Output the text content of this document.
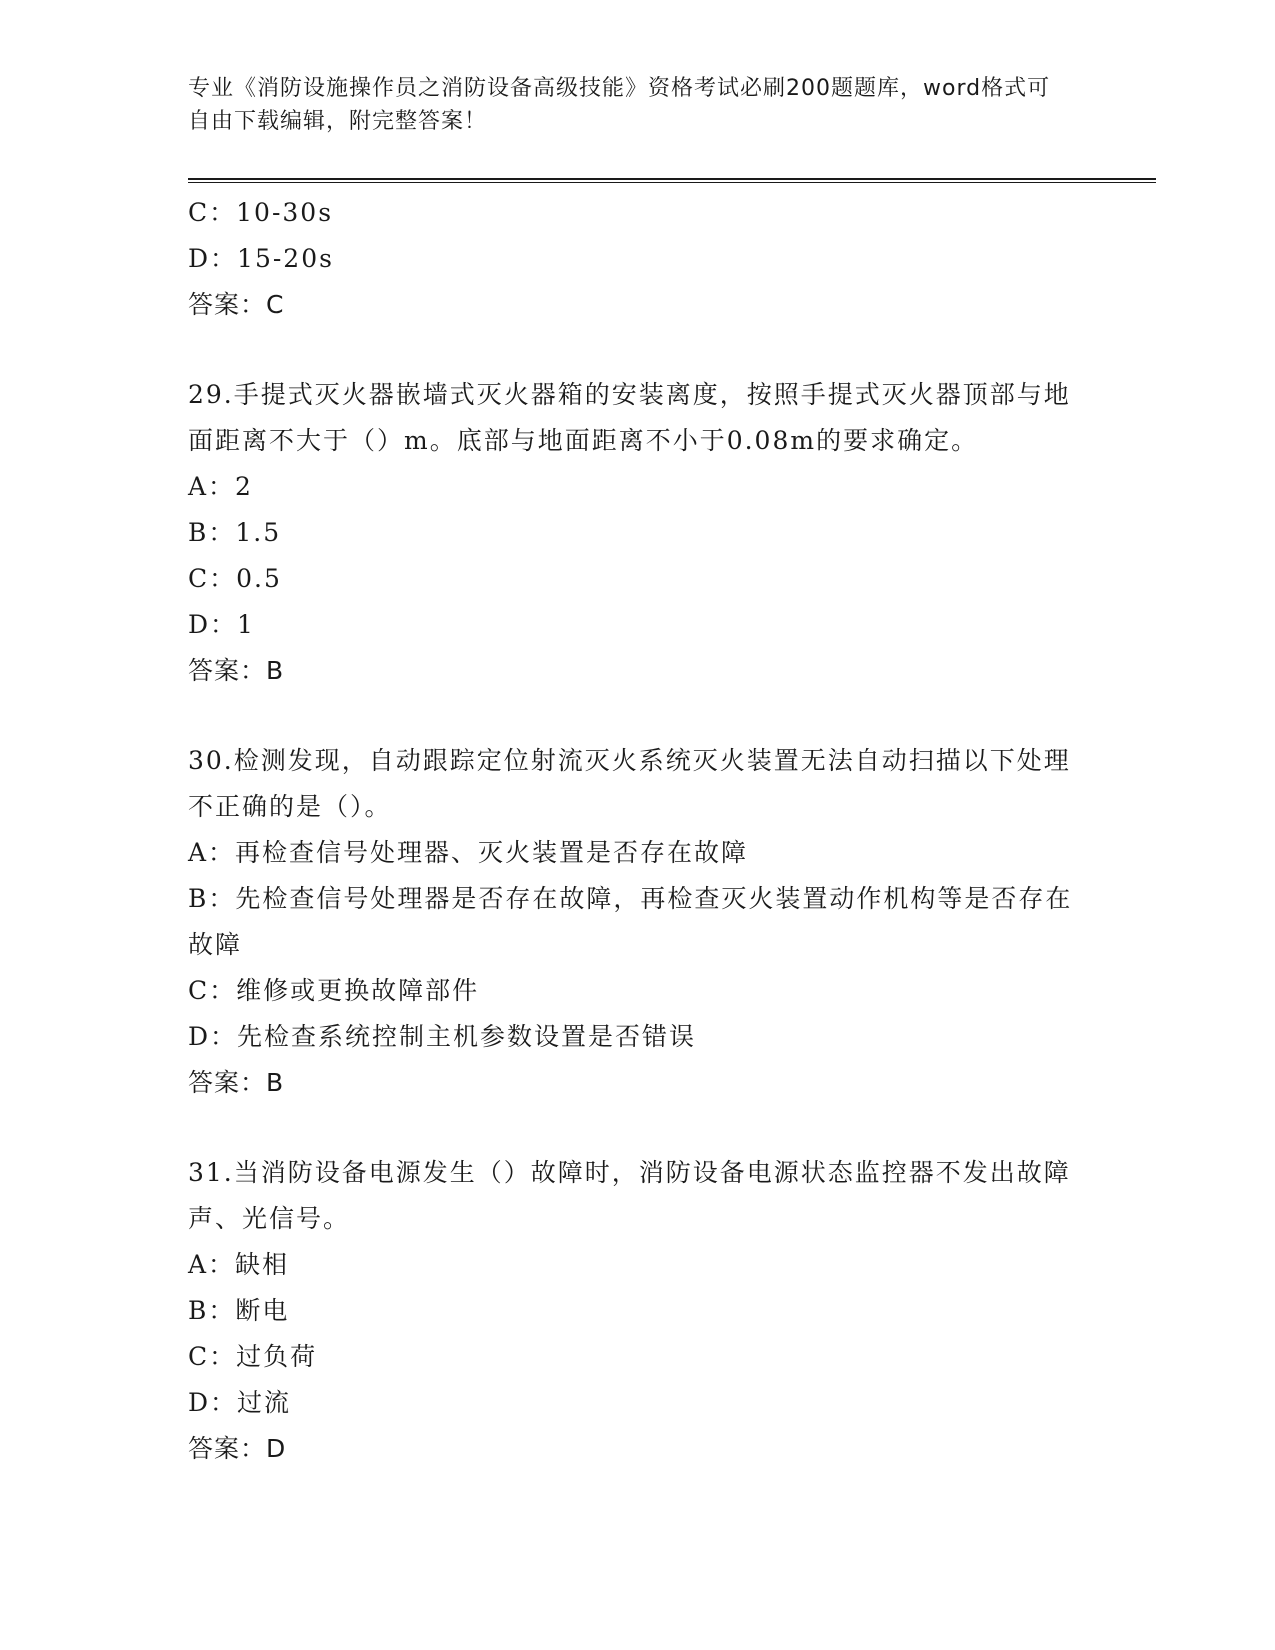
专业《消防设施操作员之消防设备高级技能》资格考试必刷200题题库，word格式可自由下载编辑，附完整答案！
C：10-30s
D：15-20s
答案：C
29.手提式灭火器嵌墙式灭火器箱的安装离度，按照手提式灭火器顶部与地面距离不大于（）m。底部与地面距离不小于0.08m的要求确定。
A：2
B：1.5
C：0.5
D：1
答案：B
30.检测发现，自动跟踪定位射流灭火系统灭火装置无法自动扫描以下处理不正确的是（）。
A：再检查信号处理器、灭火装置是否存在故障
B：先检查信号处理器是否存在故障，再检查灭火装置动作机构等是否存在故障
C：维修或更换故障部件
D：先检查系统控制主机参数设置是否错误
答案：B
31.当消防设备电源发生（）故障时，消防设备电源状态监控器不发出故障声、光信号。
A：缺相
B：断电
C：过负荷
D：过流
答案：D
